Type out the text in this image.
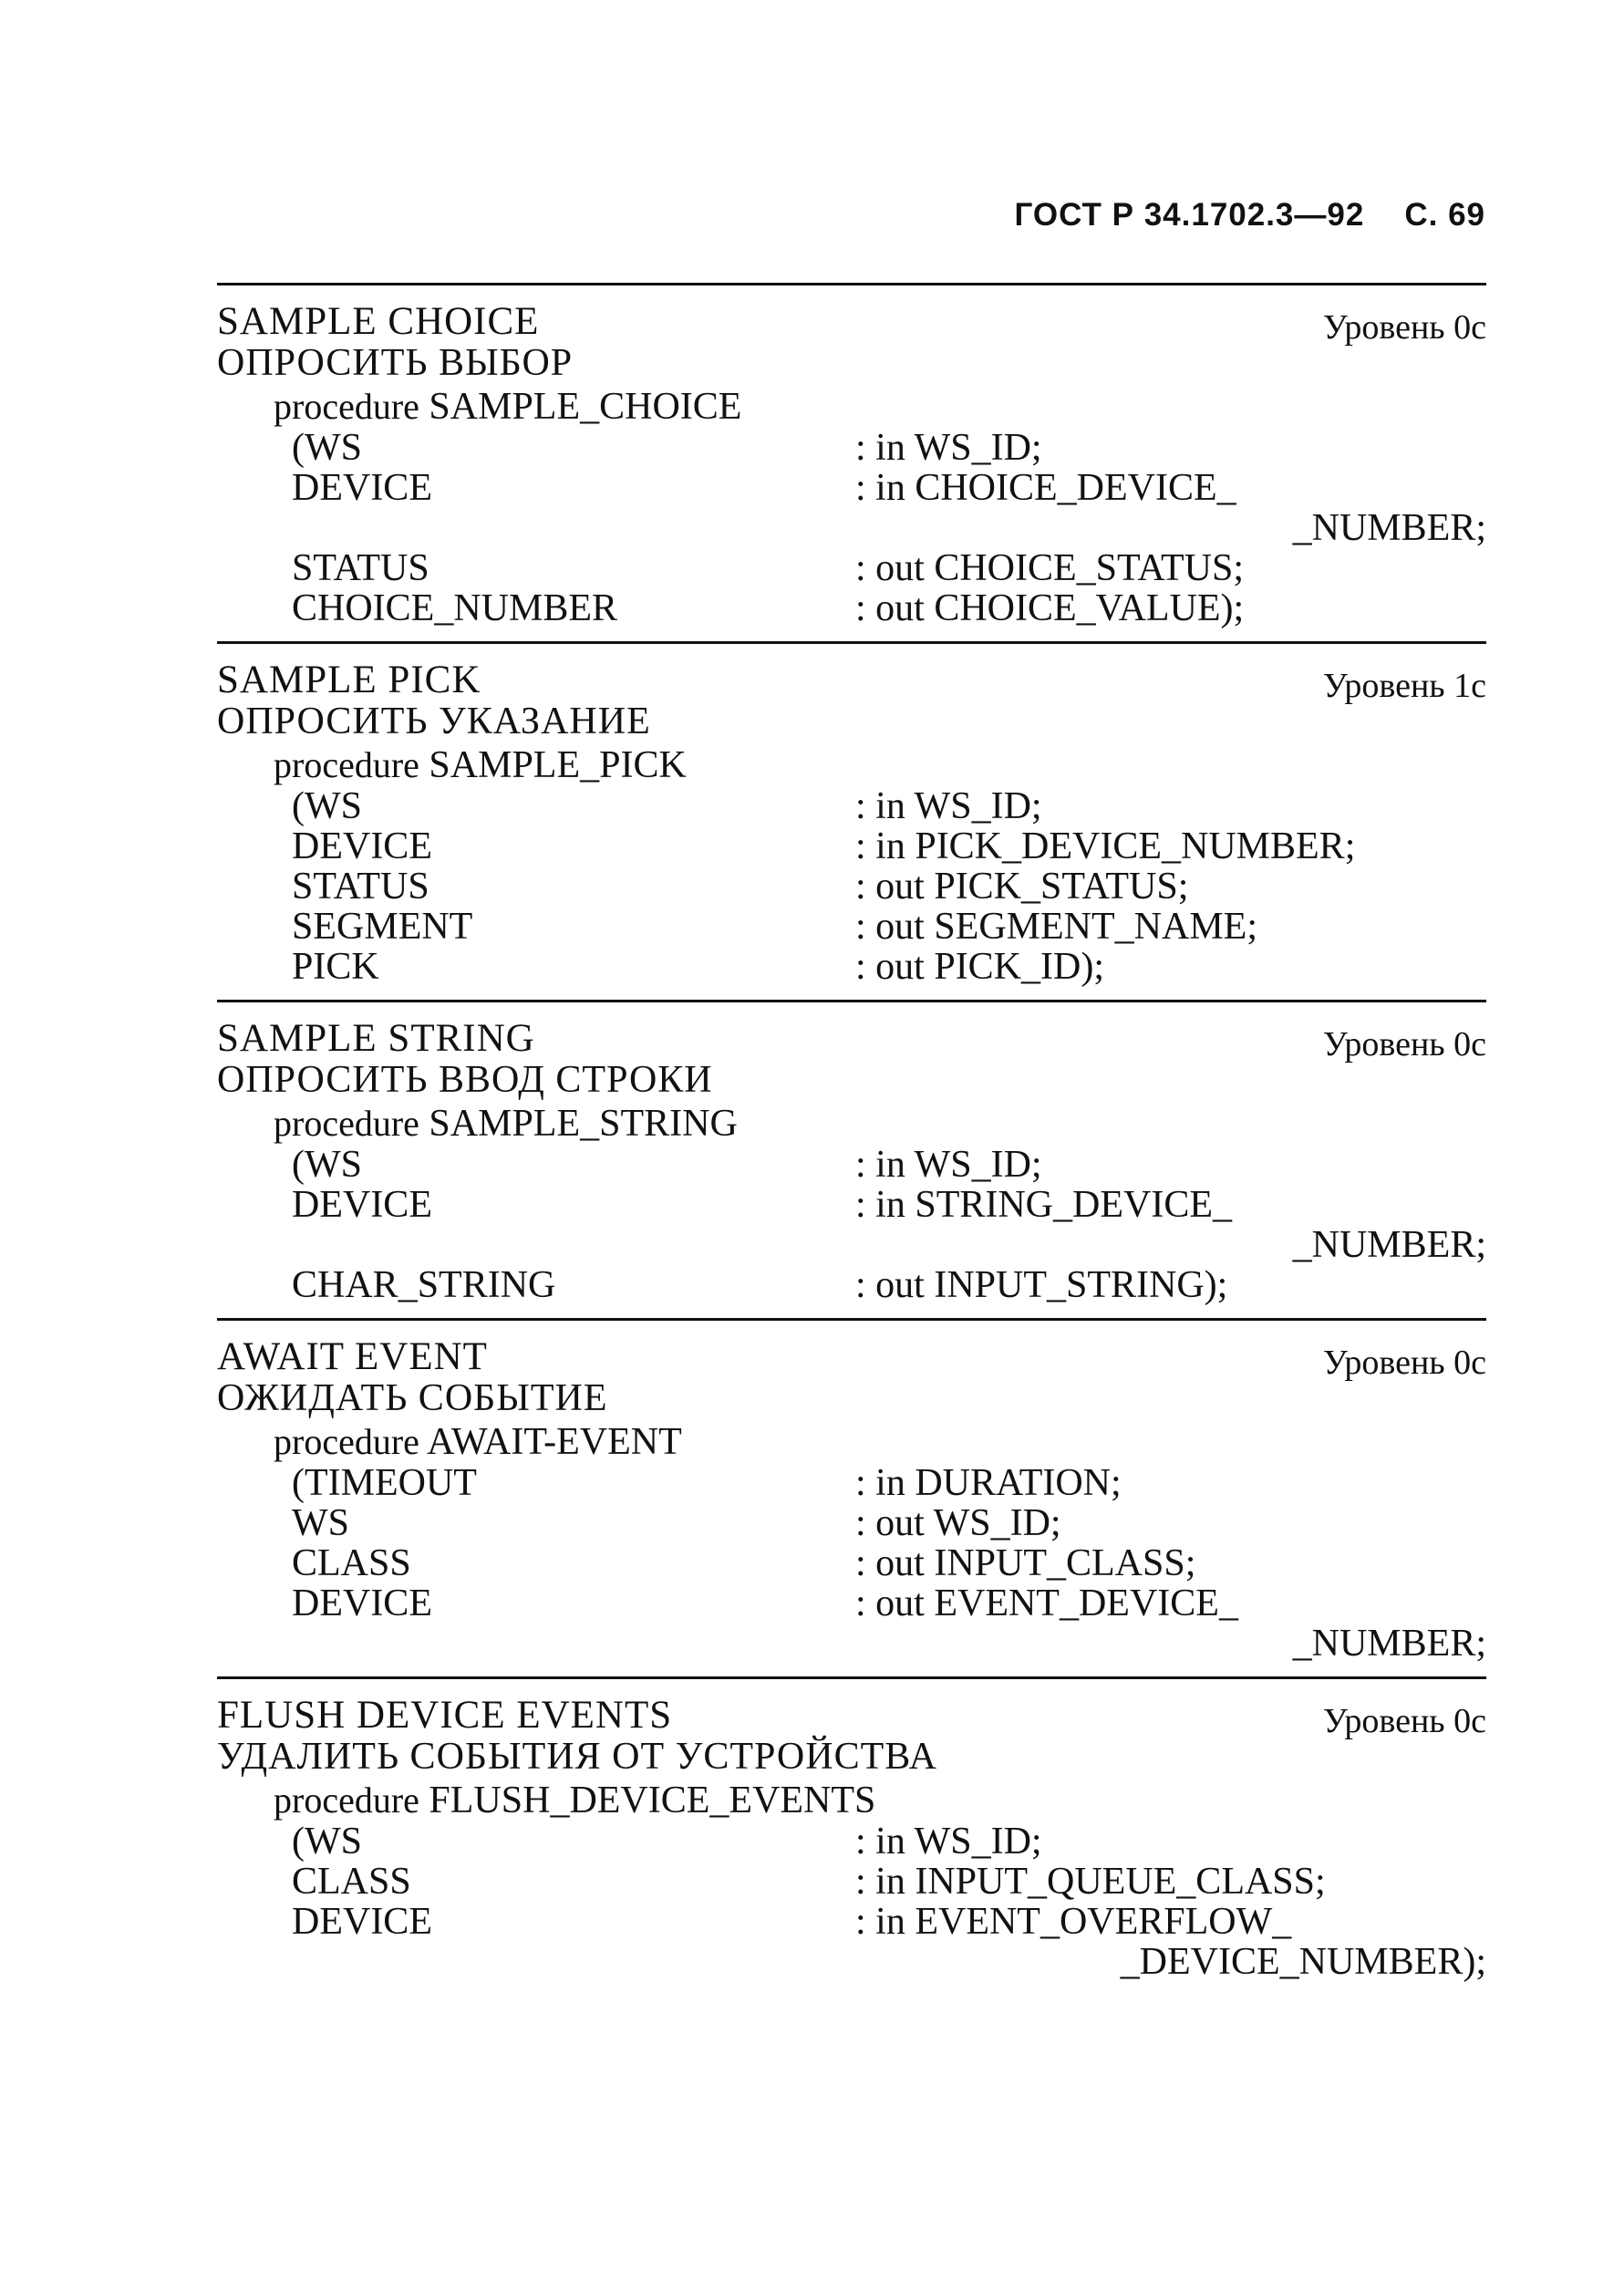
ГОСТ Р 34.1702.3—92 С. 69
SAMPLE CHOICE	Уровень 0с
ОПРОСИТЬ ВЫБОР
procedure SAMPLE_CHOICE
(WS	: in WS_ID;
DEVICE	: in CHOICE_DEVICE_
_NUMBER;
STATUS	: out CHOICE_STATUS;
CHOICE_NUMBER	: out CHOICE_VALUE);
SAMPLE PICK	Уровень 1с
ОПРОСИТЬ УКАЗАНИЕ
procedure SAMPLE_PICK
(WS	: in WS_ID;
DEVICE	: in PICK_DEVICE_NUMBER;
STATUS	: out PICK_STATUS;
SEGMENT	: out SEGMENT_NAME;
PICK	: out PICK_ID);
SAMPLE STRING	Уровень 0с
ОПРОСИТЬ ВВОД СТРОКИ
procedure SAMPLE_STRING
(WS	: in WS_ID;
DEVICE	: in STRING_DEVICE_
_NUMBER;
CHAR_STRING	: out INPUT_STRING);
AWAIT EVENT	Уровень 0с
ОЖИДАТЬ СОБЫТИЕ
procedure AWAIT-EVENT
(TIMEOUT	: in DURATION;
WS	: out WS_ID;
CLASS	: out INPUT_CLASS;
DEVICE	: out EVENT_DEVICE_
_NUMBER;
FLUSH DEVICE EVENTS	Уровень 0с
УДАЛИТЬ СОБЫТИЯ ОТ УСТРОЙСТВА
procedure FLUSH_DEVICE_EVENTS
(WS	: in WS_ID;
CLASS	: in INPUT_QUEUE_CLASS;
DEVICE	: in EVENT_OVERFLOW_
_DEVICE_NUMBER);
